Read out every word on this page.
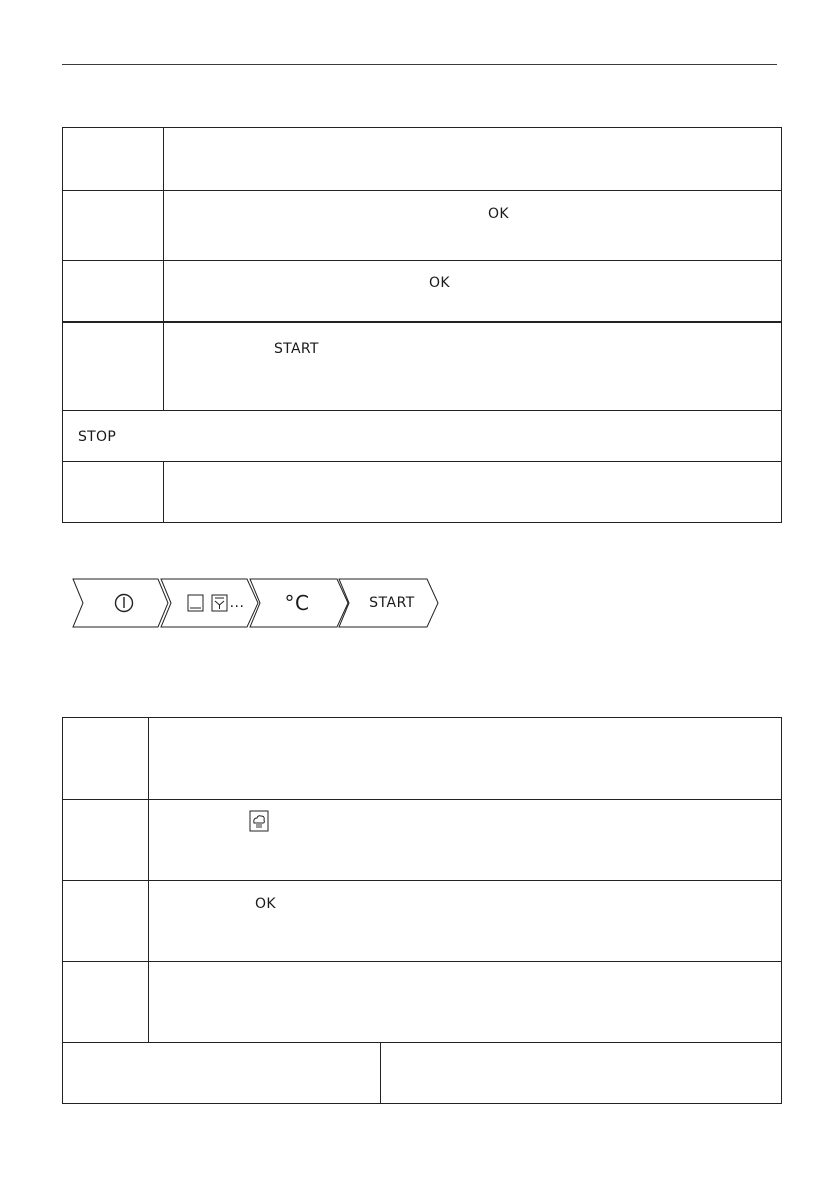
OK
OK
START
STOP
...	°C	START
OK
